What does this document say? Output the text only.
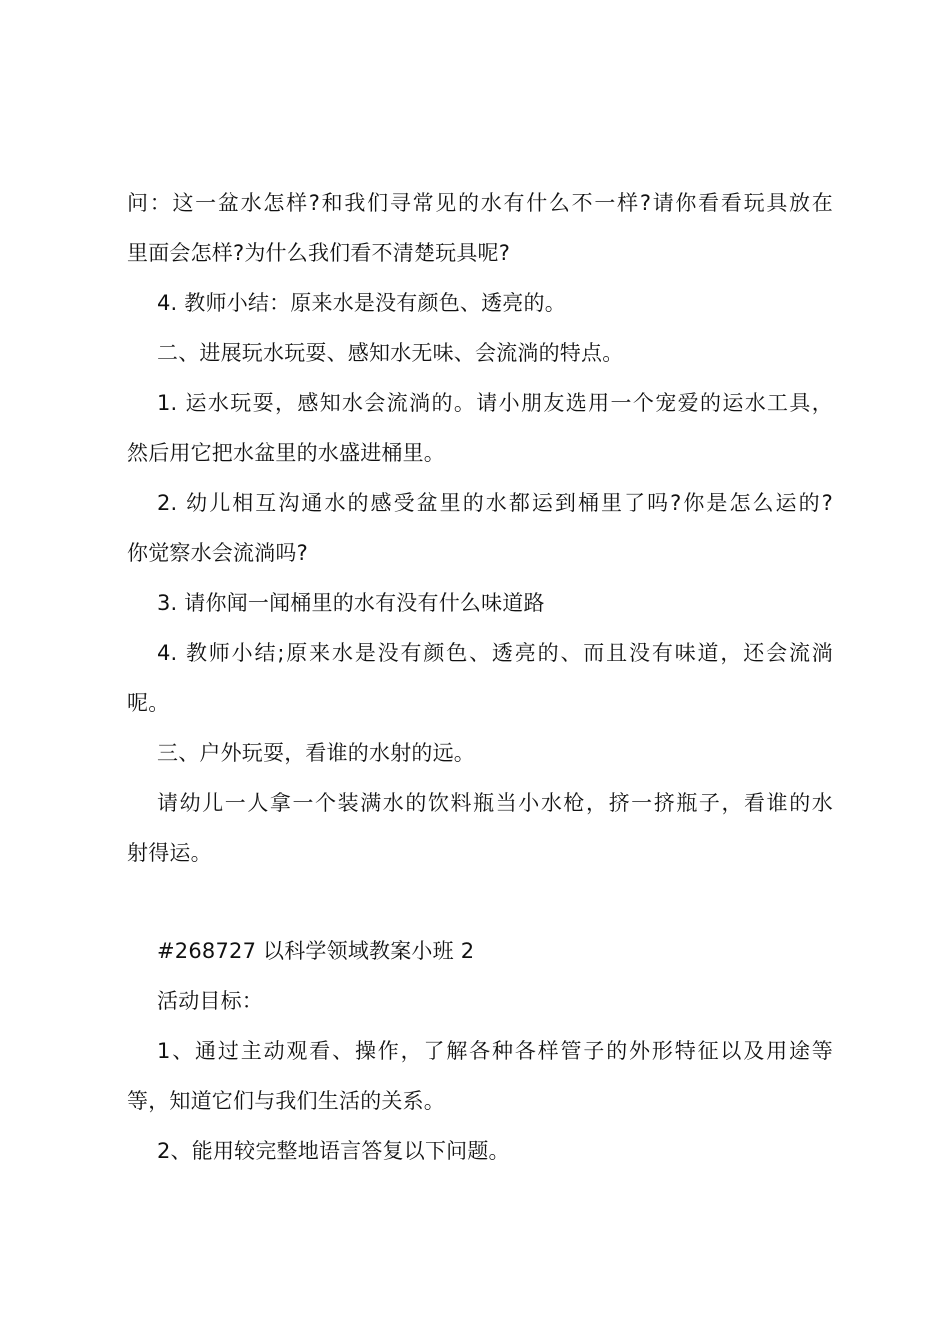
问：这一盆水怎样?和我们寻常见的水有什么不一样?请你看看玩具放在
里面会怎样?为什么我们看不清楚玩具呢?
4. 教师小结：原来水是没有颜色、透亮的。
二、进展玩水玩耍、感知水无味、会流淌的特点。
1. 运水玩耍，感知水会流淌的。请小朋友选用一个宠爱的运水工具，
然后用它把水盆里的水盛进桶里。
2. 幼儿相互沟通水的感受盆里的水都运到桶里了吗?你是怎么运的?
你觉察水会流淌吗?
3. 请你闻一闻桶里的水有没有什么味道路
4. 教师小结;原来水是没有颜色、透亮的、而且没有味道，还会流淌
呢。
三、户外玩耍，看谁的水射的远。
请幼儿一人拿一个装满水的饮料瓶当小水枪，挤一挤瓶子，看谁的水
射得运。
#268727 以科学领域教案小班 2
活动目标：
1、通过主动观看、操作，了解各种各样管子的外形特征以及用途等
等，知道它们与我们生活的关系。
2、能用较完整地语言答复以下问题。
